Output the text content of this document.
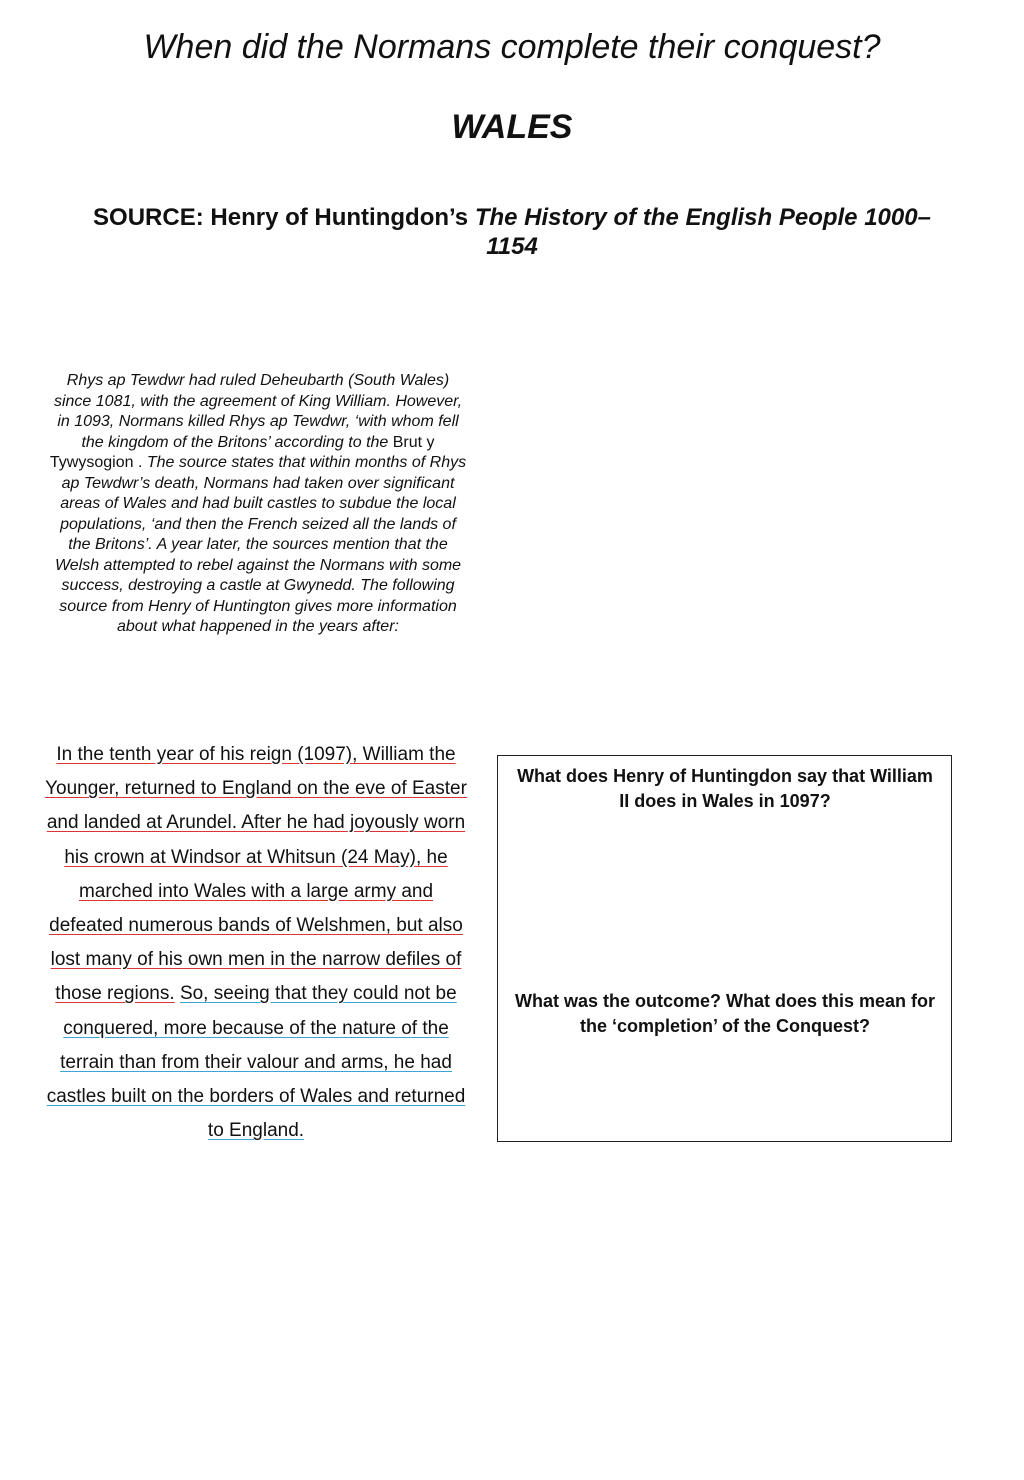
When did the Normans complete their conquest?
WALES
SOURCE: Henry of Huntingdon’s The History of the English People 1000–1154
Rhys ap Tewdwr had ruled Deheubarth (South Wales) since 1081, with the agreement of King William. However, in 1093, Normans killed Rhys ap Tewdwr, ‘with whom fell the kingdom of the Britons’ according to the Brut y Tywysogion . The source states that within months of Rhys ap Tewdwr’s death, Normans had taken over significant areas of Wales and had built castles to subdue the local populations, ‘and then the French seized all the lands of the Britons’. A year later, the sources mention that the Welsh attempted to rebel against the Normans with some success, destroying a castle at Gwynedd. The following source from Henry of Huntington gives more information about what happened in the years after:
In the tenth year of his reign (1097), William the Younger, returned to England on the eve of Easter and landed at Arundel. After he had joyously worn his crown at Windsor at Whitsun (24 May), he marched into Wales with a large army and defeated numerous bands of Welshmen, but also lost many of his own men in the narrow defiles of those regions. So, seeing that they could not be conquered, more because of the nature of the terrain than from their valour and arms, he had castles built on the borders of Wales and returned to England.
What does Henry of Huntingdon say that William II does in Wales in 1097?
What was the outcome? What does this mean for the ‘completion’ of the Conquest?
